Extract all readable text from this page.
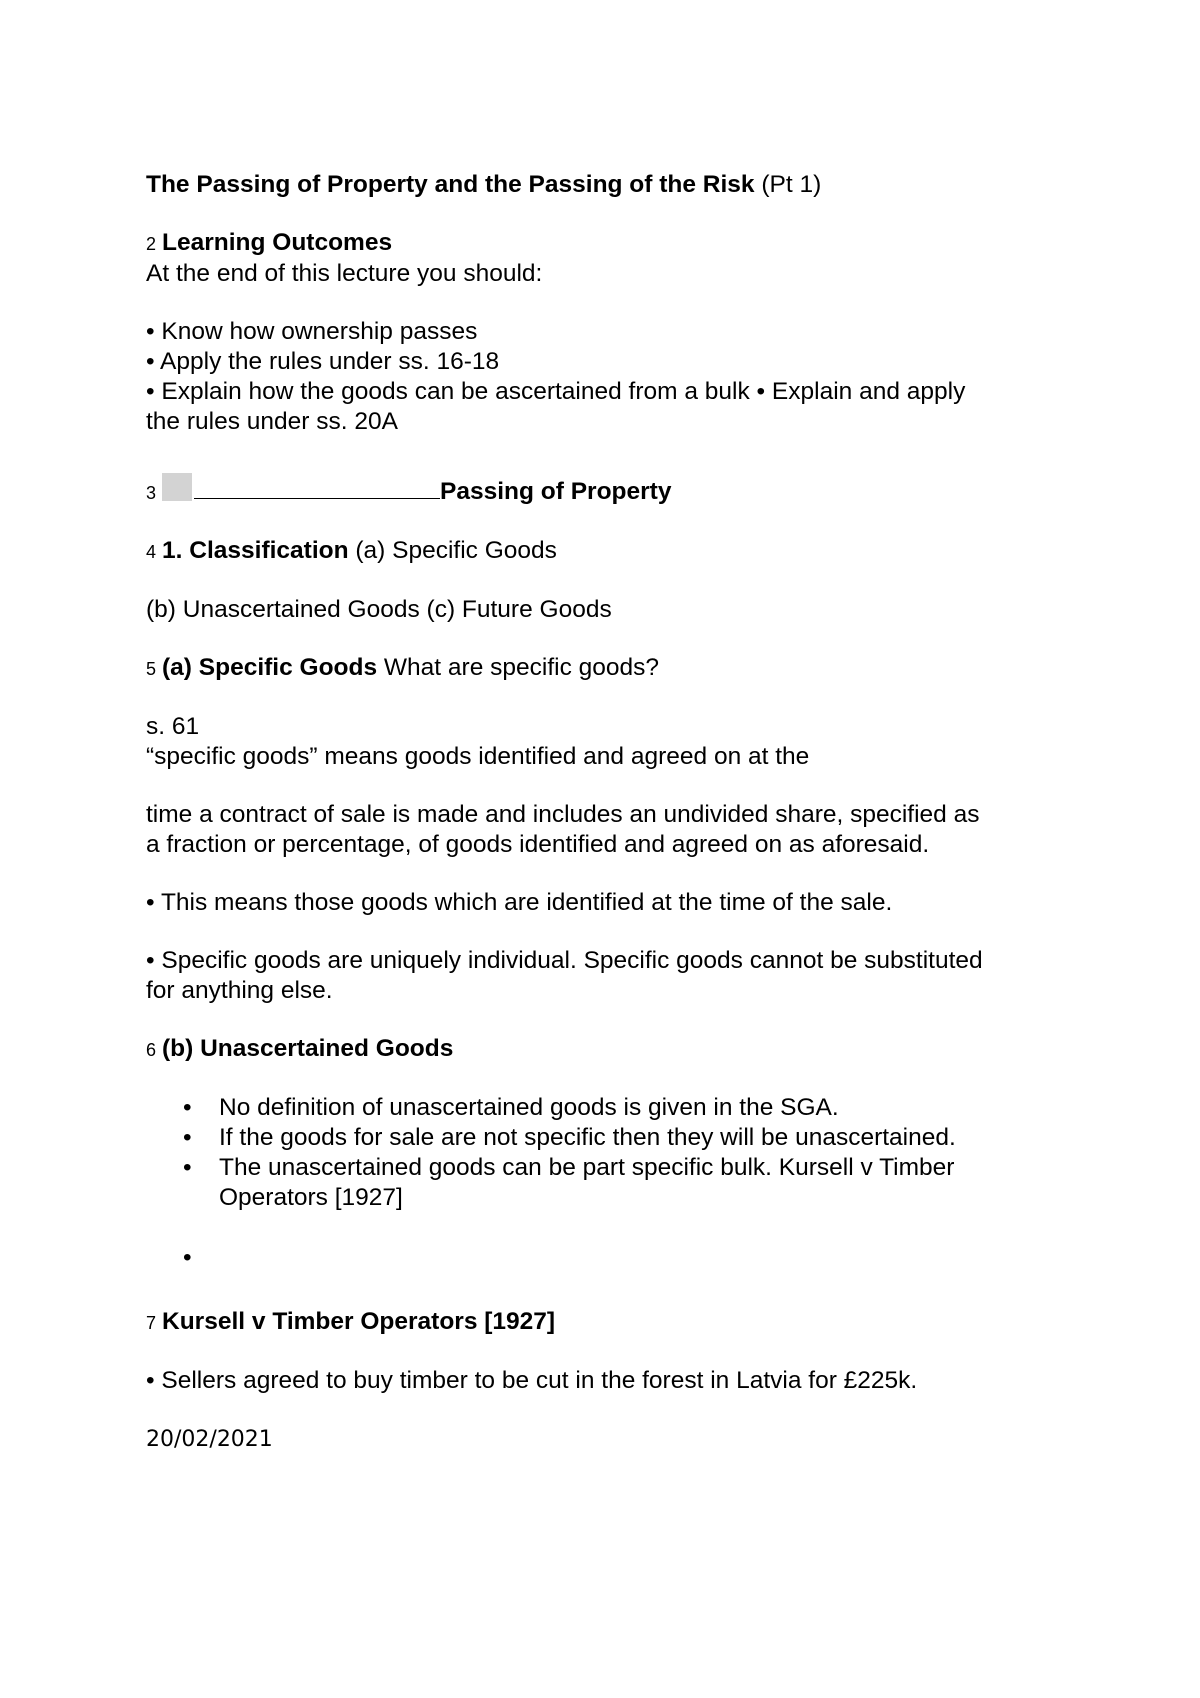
The Passing of Property and the Passing of the Risk (Pt 1)
2 Learning Outcomes
At the end of this lecture you should:
• Know how ownership passes
• Apply the rules under ss. 16-18
• Explain how the goods can be ascertained from a bulk • Explain and apply
the rules under ss. 20A
3	Passing of Property
4 1. Classification (a) Specific Goods
(b) Unascertained Goods (c) Future Goods
5 (a) Specific Goods What are specific goods?
s. 61
“specific goods” means goods identified and agreed on at the
time a contract of sale is made and includes an undivided share, specified as
a fraction or percentage, of goods identified and agreed on as aforesaid.
• This means those goods which are identified at the time of the sale.
• Specific goods are uniquely individual. Specific goods cannot be substituted
for anything else.
6 (b) Unascertained Goods
• No definition of unascertained goods is given in the SGA.
• If the goods for sale are not specific then they will be unascertained.
• The unascertained goods can be part specific bulk. Kursell v Timber Operators [1927]
•
7 Kursell v Timber Operators [1927]
• Sellers agreed to buy timber to be cut in the forest in Latvia for £225k.
20/02/2021
